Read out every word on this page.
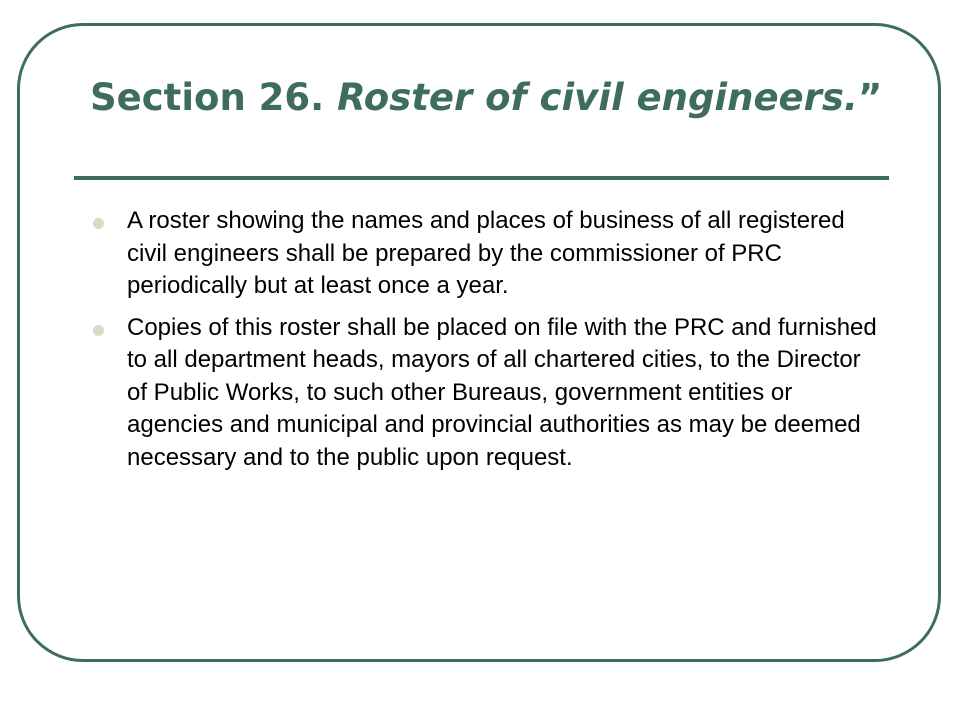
Section 26. Roster of civil engineers.”
A roster showing the names and places of business of all registered civil engineers shall be prepared by the commissioner of PRC periodically but at least once a year.
Copies of this roster shall be placed on file with the PRC and furnished to all department heads, mayors of all chartered cities, to the Director of Public Works, to such other Bureaus, government entities or agencies and municipal and provincial authorities as may be deemed necessary and to the public upon request.
